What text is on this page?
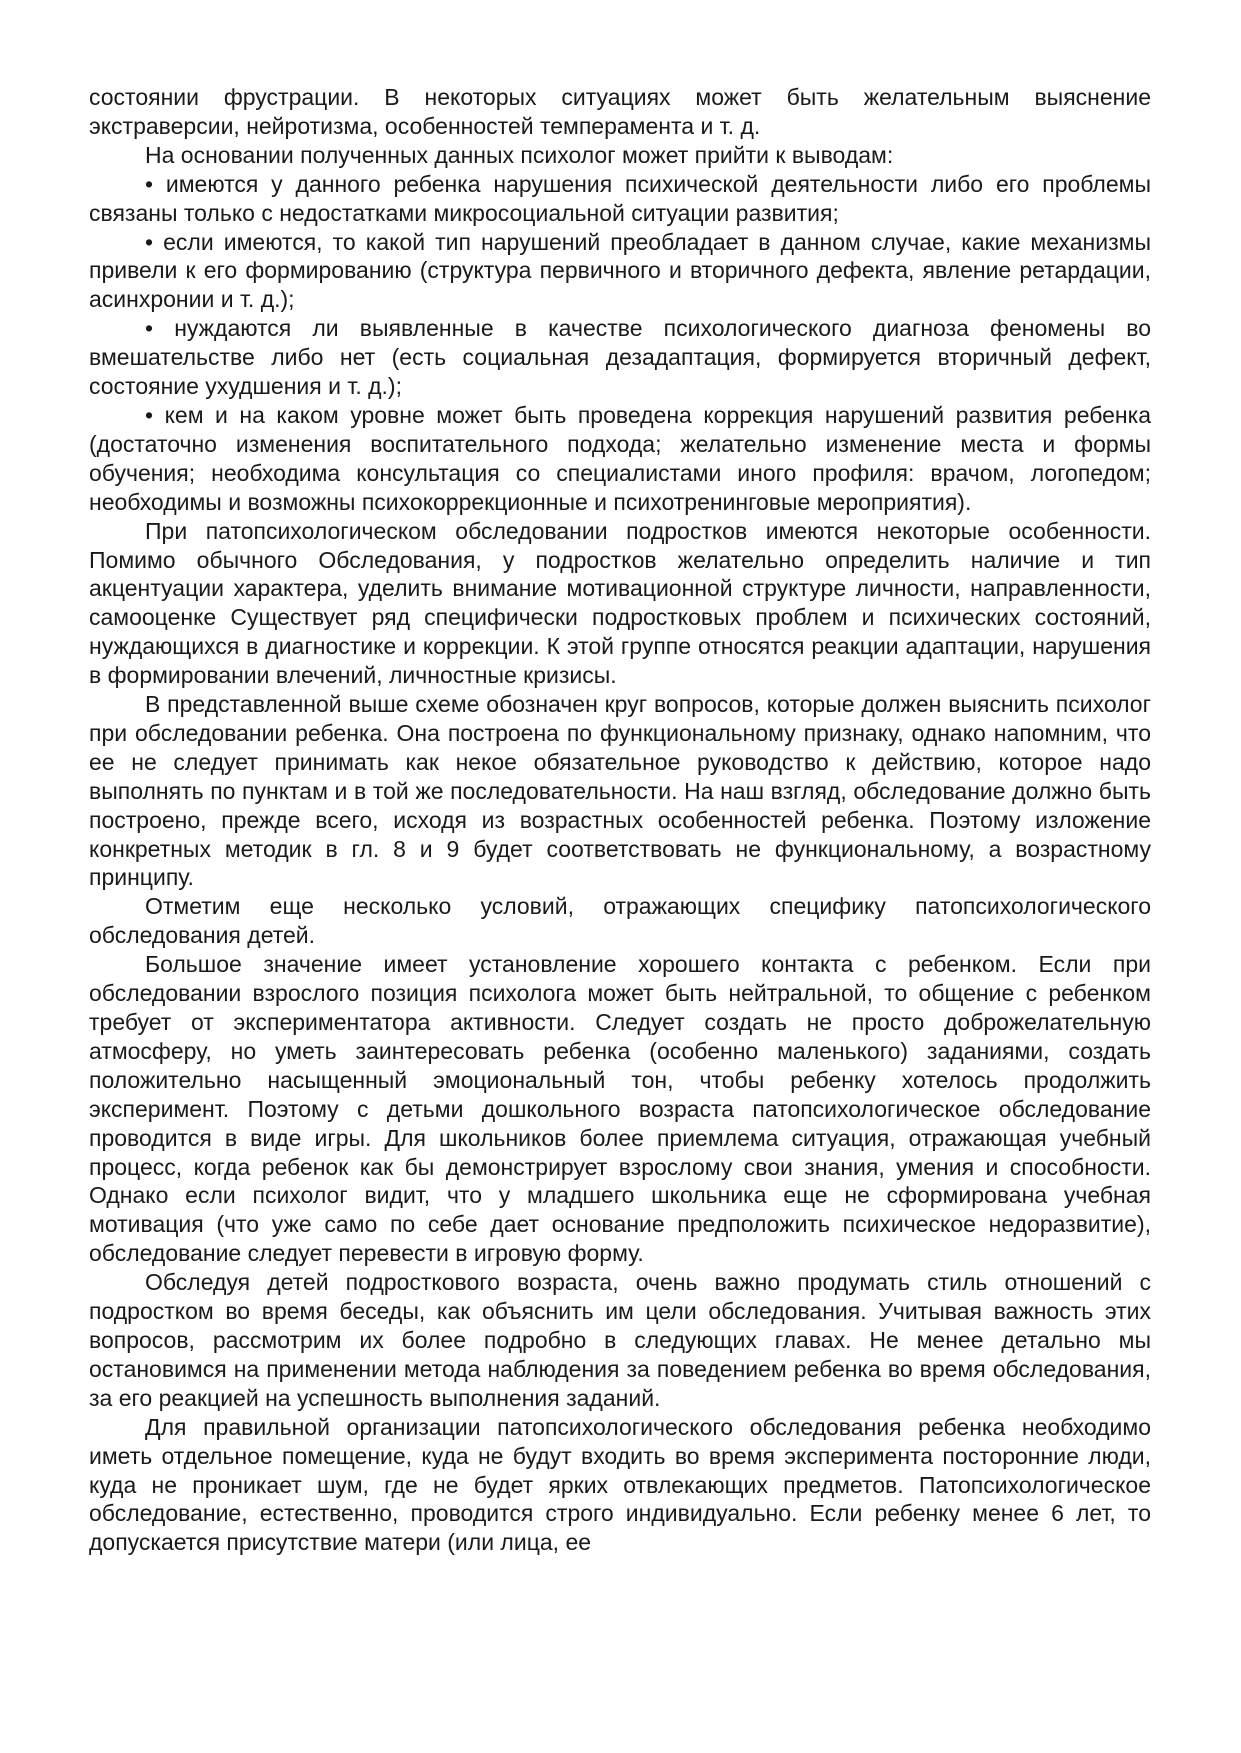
состоянии фрустрации. В некоторых ситуациях может быть желательным выяснение экстраверсии, нейротизма, особенностей темперамента и т. д.

На основании полученных данных психолог может прийти к выводам:

• имеются у данного ребенка нарушения психической деятельности либо его проблемы связаны только с недостатками микросоциальной ситуации развития;

• если имеются, то какой тип нарушений преобладает в данном случае, какие механизмы привели к его формированию (структура первичного и вторичного дефекта, явление ретардации, асинхронии и т. д.);

• нуждаются ли выявленные в качестве психологического диагноза феномены во вмешательстве либо нет (есть социальная дезадаптация, формируется вторичный дефект, состояние ухудшения и т. д.);

• кем и на каком уровне может быть проведена коррекция нарушений развития ребенка (достаточно изменения воспитательного подхода; желательно изменение места и формы обучения; необходима консультация со специалистами иного профиля: врачом, логопедом; необходимы и возможны психокоррекционные и психотренинговые мероприятия).

При патопсихологическом обследовании подростков имеются некоторые особенности. Помимо обычного Обследования, у подростков желательно определить наличие и тип акцентуации характера, уделить внимание мотивационной структуре личности, направленности, самооценке Существует ряд специфически подростковых проблем и психических состояний, нуждающихся в диагностике и коррекции. К этой группе относятся реакции адаптации, нарушения в формировании влечений, личностные кризисы.

В представленной выше схеме обозначен круг вопросов, которые должен выяснить психолог при обследовании ребенка. Она построена по функциональному признаку, однако напомним, что ее не следует принимать как некое обязательное руководство к действию, которое надо выполнять по пунктам и в той же последовательности. На наш взгляд, обследование должно быть построено, прежде всего, исходя из возрастных особенностей ребенка. Поэтому изложение конкретных методик в гл. 8 и 9 будет соответствовать не функциональному, а возрастному принципу.

Отметим еще несколько условий, отражающих специфику патопсихологического обследования детей.

Большое значение имеет установление хорошего контакта с ребенком. Если при обследовании взрослого позиция психолога может быть нейтральной, то общение с ребенком требует от экспериментатора активности. Следует создать не просто доброжелательную атмосферу, но уметь заинтересовать ребенка (особенно маленького) заданиями, создать положительно насыщенный эмоциональный тон, чтобы ребенку хотелось продолжить эксперимент. Поэтому с детьми дошкольного возраста патопсихологическое обследование проводится в виде игры. Для школьников более приемлема ситуация, отражающая учебный процесс, когда ребенок как бы демонстрирует взрослому свои знания, умения и способности. Однако если психолог видит, что у младшего школьника еще не сформирована учебная мотивация (что уже само по себе дает основание предположить психическое недоразвитие), обследование следует перевести в игровую форму.

Обследуя детей подросткового возраста, очень важно продумать стиль отношений с подростком во время беседы, как объяснить им цели обследования. Учитывая важность этих вопросов, рассмотрим их более подробно в следующих главах. Не менее детально мы остановимся на применении метода наблюдения за поведением ребенка во время обследования, за его реакцией на успешность выполнения заданий.

Для правильной организации патопсихологического обследования ребенка необходимо иметь отдельное помещение, куда не будут входить во время эксперимента посторонние люди, куда не проникает шум, где не будет ярких отвлекающих предметов. Патопсихологическое обследование, естественно, проводится строго индивидуально. Если ребенку менее 6 лет, то допускается присутствие матери (или лица, ее
